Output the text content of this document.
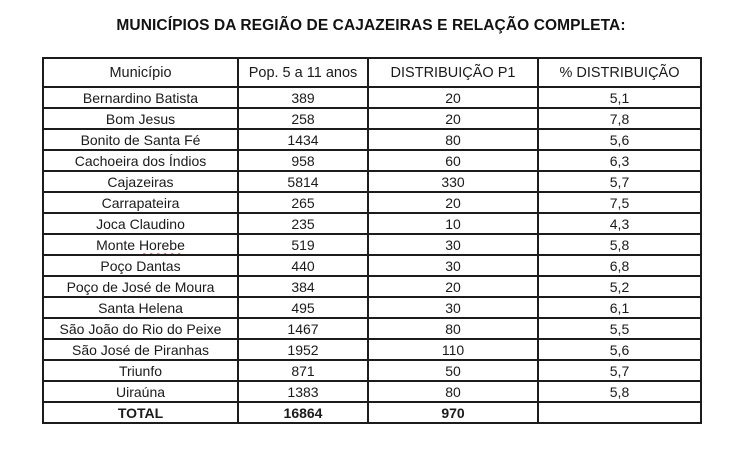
MUNICÍPIOS DA REGIÃO DE CAJAZEIRAS E RELAÇÃO COMPLETA:
Município	Pop. 5 a 11 anos	DISTRIBUIÇÃO P1	% DISTRIBUIÇÃO
Bernardino Batista	389	20	5,1
Bom Jesus	258	20	7,8
Bonito de Santa Fé	1434	80	5,6
Cachoeira dos Índios	958	60	6,3
Cajazeiras	5814	330	5,7
Carrapateira	265	20	7,5
Joca Claudino	235	10	4,3
Monte Horebe	519	30	5,8
Poço Dantas	440	30	6,8
Poço de José de Moura	384	20	5,2
Santa Helena	495	30	6,1
São João do Rio do Peixe	1467	80	5,5
São José de Piranhas	1952	110	5,6
Triunfo	871	50	5,7
Uiraúna	1383	80	5,8
TOTAL	16864	970	
